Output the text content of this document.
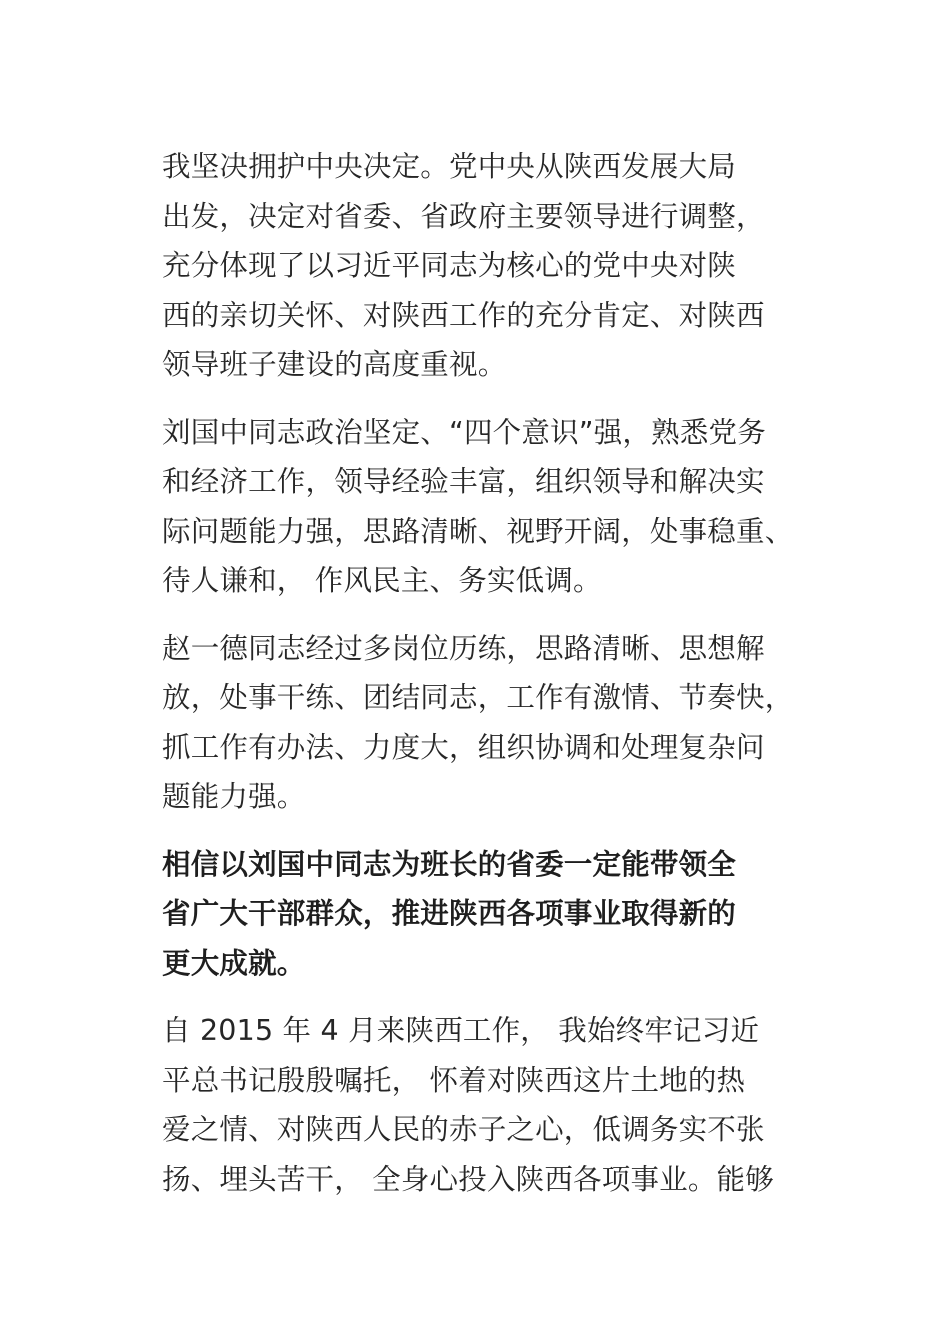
我坚决拥护中央决定。党中央从陕西发展大局
出发，决定对省委、省政府主要领导进行调整，
充分体现了以习近平同志为核心的党中央对陕
西的亲切关怀、对陕西工作的充分肯定、对陕西
领导班子建设的高度重视。

刘国中同志政治坚定、“四个意识”强，熟悉党务
和经济工作，领导经验丰富，组织领导和解决实
际问题能力强，思路清晰、视野开阔，处事稳重、
待人谦和， 作风民主、务实低调。

赵一德同志经过多岗位历练，思路清晰、思想解
放，处事干练、团结同志，工作有激情、节奏快，
抓工作有办法、力度大，组织协调和处理复杂问
题能力强。

相信以刘国中同志为班长的省委一定能带领全
省广大干部群众，推进陕西各项事业取得新的
更大成就。

自 2015 年 4 月来陕西工作， 我始终牢记习近
平总书记殷殷嘱托， 怀着对陕西这片土地的热
爱之情、对陕西人民的赤子之心，低调务实不张
扬、埋头苦干， 全身心投入陕西各项事业。能够
